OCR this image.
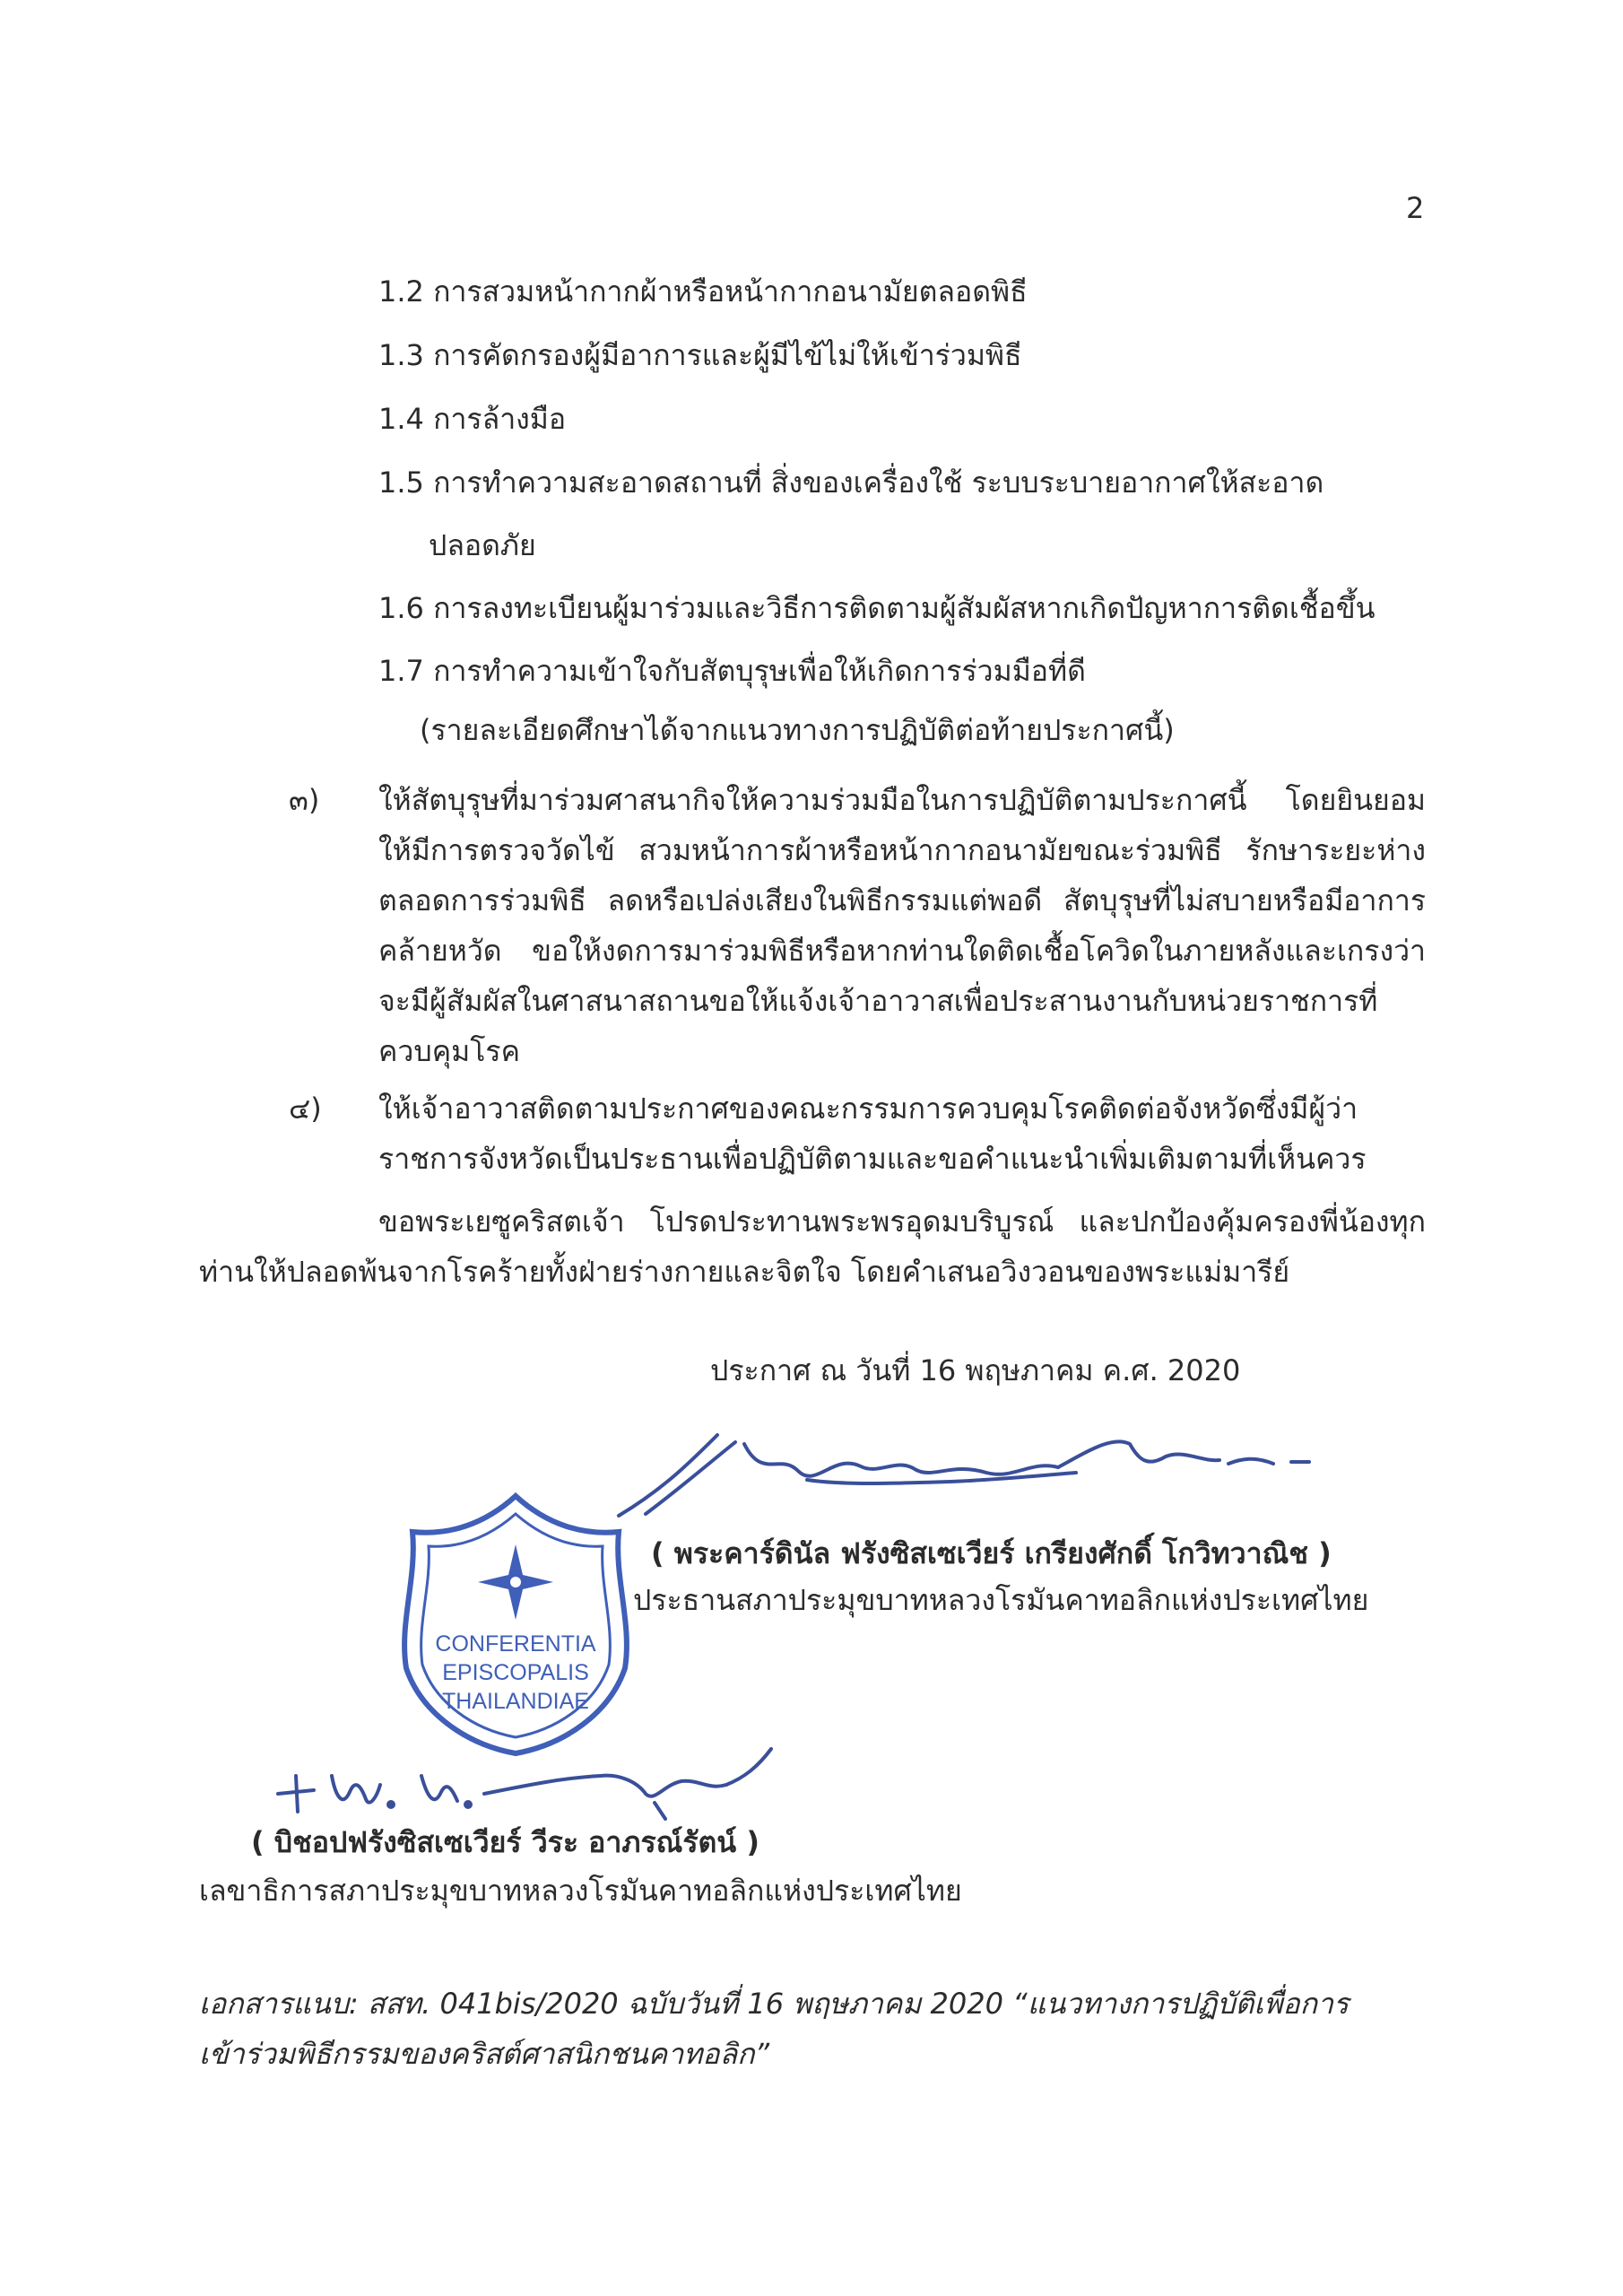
2
1.2 การสวมหน้ากากผ้าหรือหน้ากากอนามัยตลอดพิธี
1.3 การคัดกรองผู้มีอาการและผู้มีไข้ไม่ให้เข้าร่วมพิธี
1.4 การล้างมือ
1.5 การทำความสะอาดสถานที่ สิ่งของเครื่องใช้ ระบบระบายอากาศให้สะอาด
ปลอดภัย
1.6 การลงทะเบียนผู้มาร่วมและวิธีการติดตามผู้สัมผัสหากเกิดปัญหาการติดเชื้อขึ้น
1.7 การทำความเข้าใจกับสัตบุรุษเพื่อให้เกิดการร่วมมือที่ดี
(รายละเอียดศึกษาได้จากแนวทางการปฏิบัติต่อท้ายประกาศนี้)
๓) ให้สัตบุรุษที่มาร่วมศาสนากิจให้ความร่วมมือในการปฏิบัติตามประกาศนี้ โดยยินยอมให้มีการตรวจวัดไข้ สวมหน้าการผ้าหรือหน้ากากอนามัยขณะร่วมพิธี รักษาระยะห่างตลอดการร่วมพิธี ลดหรือเปล่งเสียงในพิธีกรรมแต่พอดี สัตบุรุษที่ไม่สบายหรือมีอาการคล้ายหวัด ขอให้งดการมาร่วมพิธีหรือหากท่านใดติดเชื้อโควิดในภายหลังและเกรงว่าจะมีผู้สัมผัสในศาสนาสถานขอให้แจ้งเจ้าอาวาสเพื่อประสานงานกับหน่วยราชการที่ควบคุมโรค
๔) ให้เจ้าอาวาสติดตามประกาศของคณะกรรมการควบคุมโรคติดต่อจังหวัดซึ่งมีผู้ว่าราชการจังหวัดเป็นประธานเพื่อปฏิบัติตามและขอคำแนะนำเพิ่มเติมตามที่เห็นควร
ขอพระเยซูคริสตเจ้า โปรดประทานพระพรอุดมบริบูรณ์ และปกป้องคุ้มครองพี่น้องทุกท่านให้ปลอดพ้นจากโรคร้ายทั้งฝ่ายร่างกายและจิตใจ โดยคำเสนอวิงวอนของพระแม่มารีย์
ประกาศ ณ วันที่ 16 พฤษภาคม ค.ศ. 2020
( พระคาร์ดินัล ฟรังซิสเซเวียร์ เกรียงศักดิ์ โกวิทวาณิช )
ประธานสภาประมุขบาทหลวงโรมันคาทอลิกแห่งประเทศไทย
CONFERENTIA
EPISCOPALIS
THAILANDIAE
( บิชอปฟรังซิสเซเวียร์ วีระ อาภรณ์รัตน์ )
เลขาธิการสภาประมุขบาทหลวงโรมันคาทอลิกแห่งประเทศไทย
เอกสารแนบ: สสท. 041bis/2020 ฉบับวันที่ 16 พฤษภาคม 2020 “แนวทางการปฏิบัติเพื่อการ
เข้าร่วมพิธีกรรมของคริสต์ศาสนิกชนคาทอลิก”
